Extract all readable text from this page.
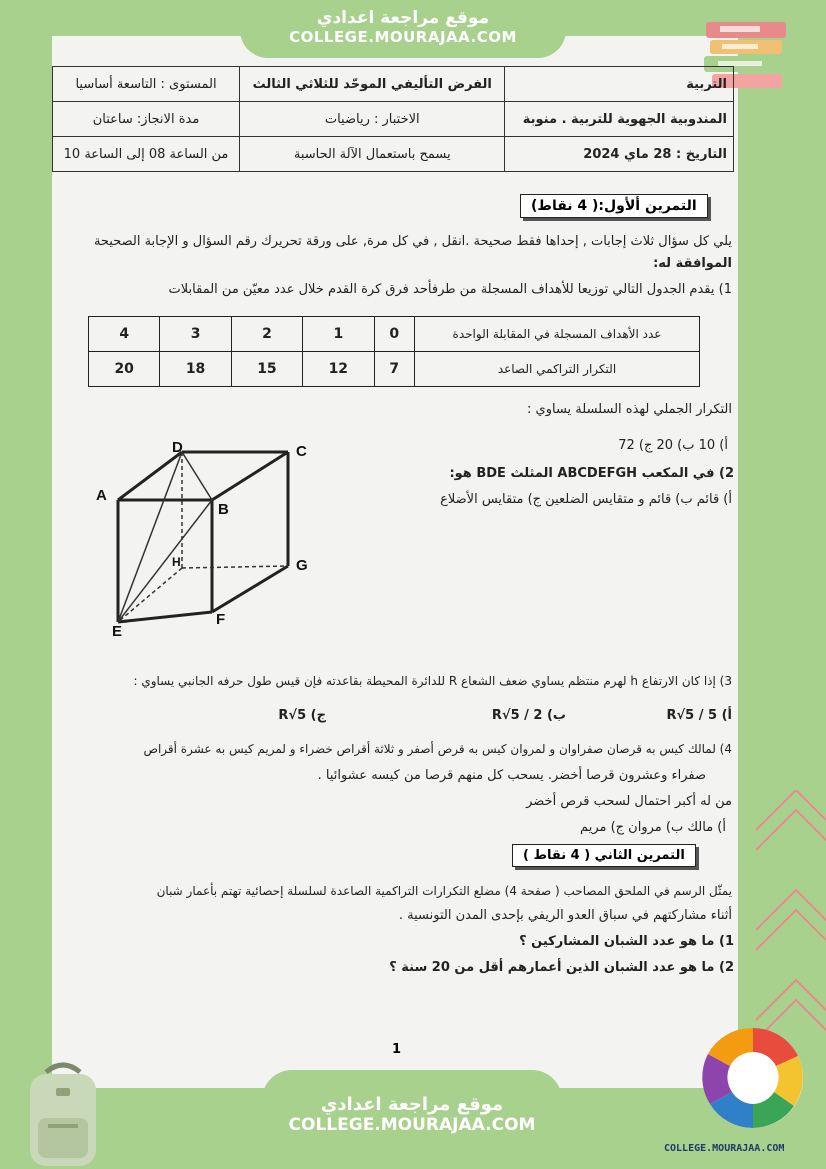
موقع مراجعة اعدادي
COLLEGE.MOURAJAA.COM
المستوى : التاسعة أساسيا	الفرض التأليفي الموحّد للثلاثي الثالث	التربية
مدة الانجاز: ساعتان	الاختبار : رياضيات	المندوبية الجهوية للتربية . منوبة
من الساعة 08 إلى الساعة 10	يسمح باستعمال الآلة الحاسبة	التاريخ : 28 ماي 2024
التمرين ألأول:( 4 نقاط)
يلي كل سؤال ثلاث إجابات , إحداها فقط صحيحة .انقل , في كل مرة, على ورقة تحريرك رقم السؤال و الإجابة الصحيحة
الموافقة له:
1) يقدم الجدول التالي توزيعا للأهداف المسجلة من طرفأحد فرق كرة القدم خلال عدد معيّن من المقابلات
4	3	2	1	0	عدد الأهداف المسجلة في المقابلة الواحدة
20	18	15	12	7	التكرار التراكمي الصاعد
التكرار الجملي لهذه السلسلة يساوي :
أ) 10 ب) 20 ج) 72
2) في المكعب ABCDEFGH المثلث BDE هو:
أ) قائم ب) قائم و متقايس الضلعين ج) متقايس الأضلاع
D	C
A
B
H	G
E
F
3) إذا كان الارتفاع h لهرم منتظم يساوي ضعف الشعاع R للدائرة المحيطة بقاعدته فإن قيس طول حرفه الجانبي يساوي :
أ) R√5 / 5
ب) R√5 / 2
ج) R√5
4) لمالك كيس به قرصان صفراوان و لمروان كيس به قرص أصفر و ثلاثة أقراص خضراء و لمريم كيس به عشرة أقراص
صفراء وعشرون قرصا أخضر. يسحب كل منهم قرصا من كيسه عشوائيا .
من له أكبر احتمال لسحب قرص أخضر
أ) مالك ب) مروان ج) مريم
التمرين الثاني ( 4 نقاط )
يمثّل الرسم في الملحق المصاحب ( صفحة 4) مضلع التكرارات التراكمية الصاعدة لسلسلة إحصائية تهتم بأعمار شبان
أثناء مشاركتهم في سباق العدو الريفي بإحدى المدن التونسية .
1) ما هو عدد الشبان المشاركين ؟
2) ما هو عدد الشبان الذين أعمارهم أقل من 20 سنة ؟
1
COLLEGE.MOURAJAA.COM
موقع مراجعة اعدادي
COLLEGE.MOURAJAA.COM
